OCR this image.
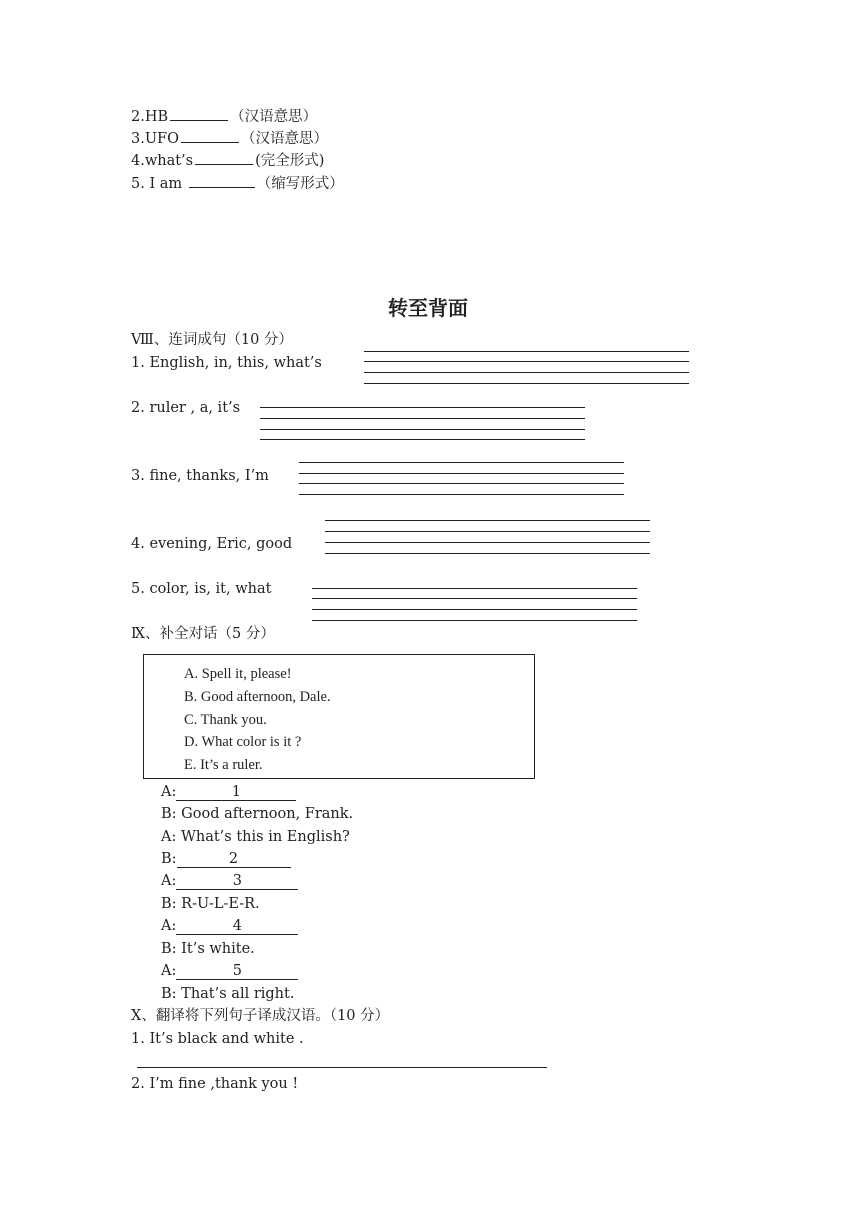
2.HB	（汉语意思）
3.UFO	（汉语意思）
4.what’s	(完全形式)
5. I am	（缩写形式）
转至背面
Ⅷ、连词成句（10 分）
1. English, in, this, what’s
2. ruler , a, it’s
3. fine, thanks, I’m
4. evening, Eric, good
5. color, is, it, what
Ⅸ、补全对话（5 分）
A. Spell it, please!
B. Good afternoon, Dale.
C. Thank you.
D. What color is it ?
E. It’s a ruler.
A:	1
B: Good afternoon, Frank.
A: What’s this in English?
B:	2
A:	3
B: R-U-L-E-R.
A:	4
B: It’s white.
A:	5
B: That’s all right.
Ⅹ、翻译将下列句子译成汉语。（10 分）
1. It’s black and white .
2. I’m fine ,thank you !
